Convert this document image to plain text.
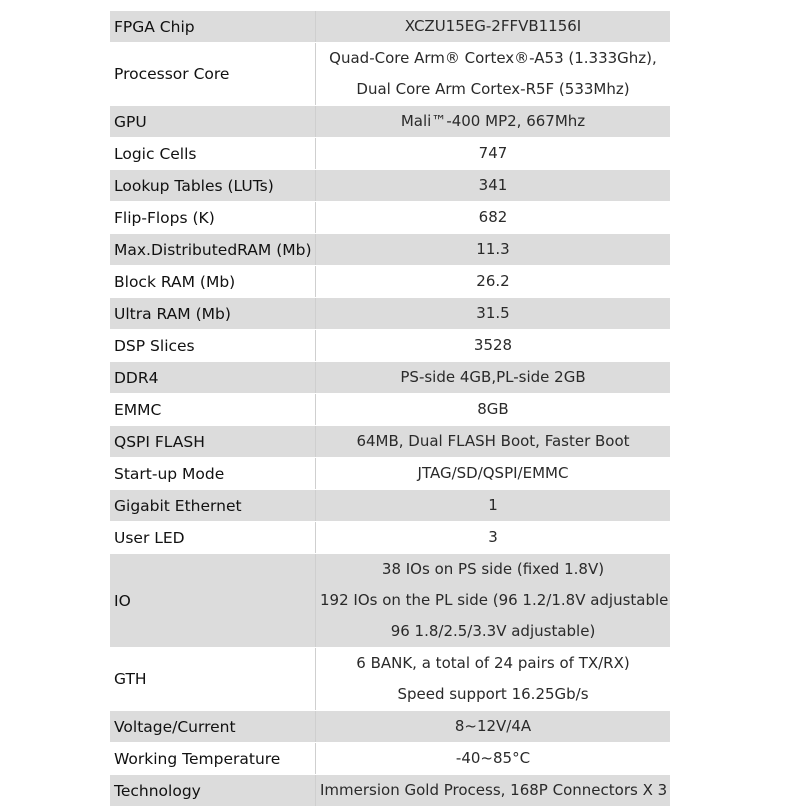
FPGA Chip	XCZU15EG-2FFVB1156I

Processor Core	Quad-Core Arm® Cortex®-A53 (1.333Ghz),
Dual Core Arm Cortex-R5F (533Mhz)

GPU	Mali™-400 MP2, 667Mhz

Logic Cells	747

Lookup Tables (LUTs)	341

Flip-Flops (K)	682

Max.DistributedRAM (Mb)	11.3

Block RAM (Mb)	26.2

Ultra RAM (Mb)	31.5

DSP Slices	3528

DDR4	PS-side 4GB,PL-side 2GB

EMMC	8GB

QSPI FLASH	64MB, Dual FLASH Boot, Faster Boot

Start-up Mode	JTAG/SD/QSPI/EMMC

Gigabit Ethernet	1

User LED	3

IO	38 IOs on PS side (fixed 1.8V)
192 IOs on the PL side (96 1.2/1.8V adjustable
96 1.8/2.5/3.3V adjustable)

GTH	6 BANK, a total of 24 pairs of TX/RX)
Speed support 16.25Gb/s

Voltage/Current	8~12V/4A

Working Temperature	-40~85°C

Technology	Immersion Gold Process, 168P Connectors X 3
